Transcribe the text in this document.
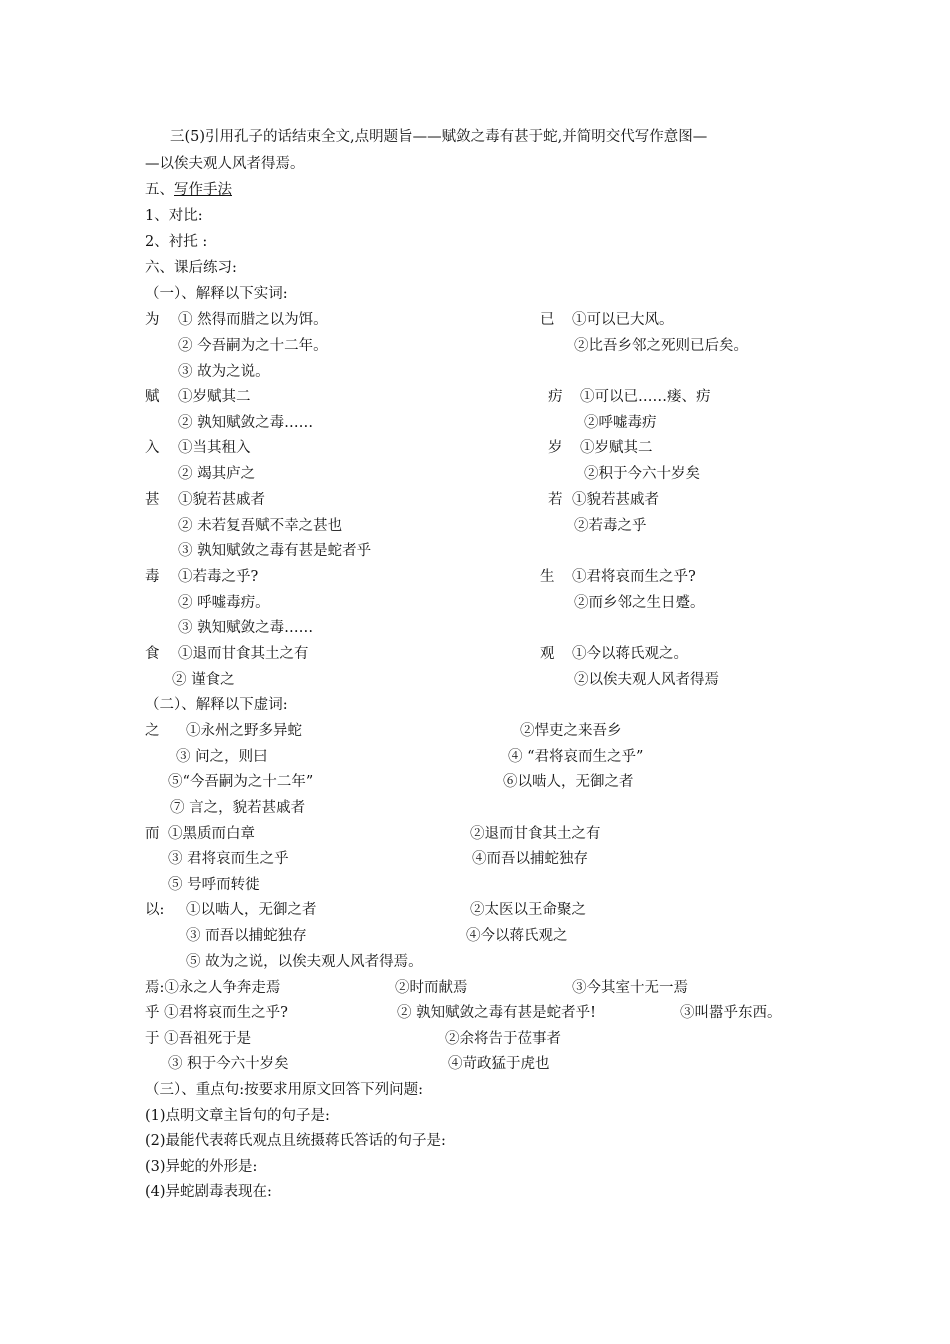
三(5)引用孔子的话结束全文,点明题旨——赋敛之毒有甚于蛇,并简明交代写作意图—
—以俟夫观人风者得焉。
五、写作手法
1、对比:
2、衬托 :
六、课后练习:
（一）、解释以下实词:
为 ① 然得而腊之以为饵。	已 ①可以已大风。
② 今吾嗣为之十二年。	②比吾乡邻之死则已后矣。
③ 故为之说。
赋 ①岁赋其二	疠 ①可以已……瘘、疠
② 孰知赋敛之毒……	②呼嘘毒疠
入 ①当其租入	岁 ①岁赋其二
② 竭其庐之	②积于今六十岁矣
甚 ①貌若甚戚者	若 ①貌若甚戚者
② 未若复吾赋不幸之甚也	②若毒之乎
③ 孰知赋敛之毒有甚是蛇者乎
毒 ①若毒之乎?	生 ①君将哀而生之乎?
② 呼嘘毒疠。	②而乡邻之生日蹙。
③ 孰知赋敛之毒……
食 ①退而甘食其土之有	观 ①今以蒋氏观之。
② 谨食之	②以俟夫观人风者得焉
（二）、解释以下虚词:
之 ①永州之野多异蛇	②悍吏之来吾乡
③ 问之，则曰	④ “君将哀而生之乎”
⑤“今吾嗣为之十二年”	⑥以啮人，无御之者
⑦ 言之，貌若甚戚者
而 ①黑质而白章	②退而甘食其土之有
③ 君将哀而生之乎	④而吾以捕蛇独存
⑤ 号呼而转徙
以: ①以啮人，无御之者	②太医以王命聚之
③ 而吾以捕蛇独存	④今以蒋氏观之
⑤ 故为之说，以俟夫观人风者得焉。
焉:①永之人争奔走焉	②时而献焉	③今其室十无一焉
乎 ①君将哀而生之乎?	② 孰知赋敛之毒有甚是蛇者乎!	③叫嚣乎东西。
于 ①吾祖死于是	②余将告于莅事者
③ 积于今六十岁矣	④苛政猛于虎也
（三）、重点句:按要求用原文回答下列问题:
(1)点明文章主旨句的句子是:
(2)最能代表蒋氏观点且统摄蒋氏答话的句子是:
(3)异蛇的外形是:
(4)异蛇剧毒表现在:
